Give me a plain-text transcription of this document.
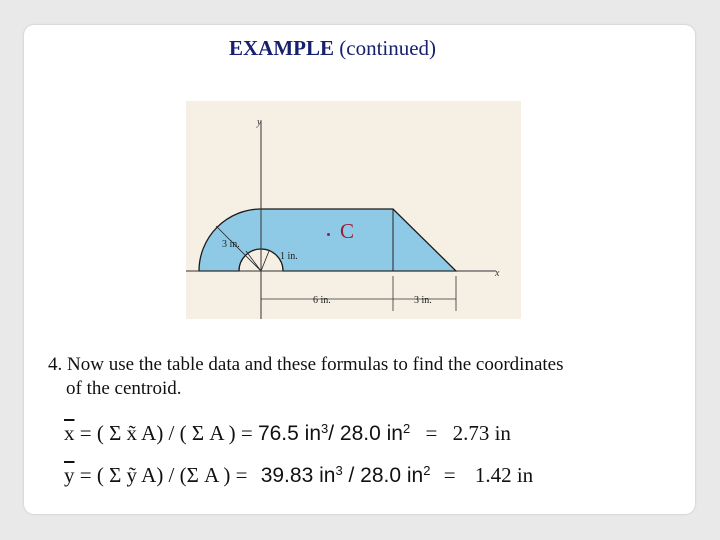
EXAMPLE (continued)
y
x
3 in.
1 in.
6 in.	3 in.
C
4. Now use the table data and these formulas to find the coordinates
of the centroid.
$\overline{x}$ = ( Σ x̃ A) / ( Σ A ) = 76.5 $in^3/$ 28.0 $in^2 = 2.73$ in
$\overline{y}$ = ( Σ ỹ A) / (Σ A ) = 39.83 $in^3 / 28.0$ $in^2 = 1.42$ in
